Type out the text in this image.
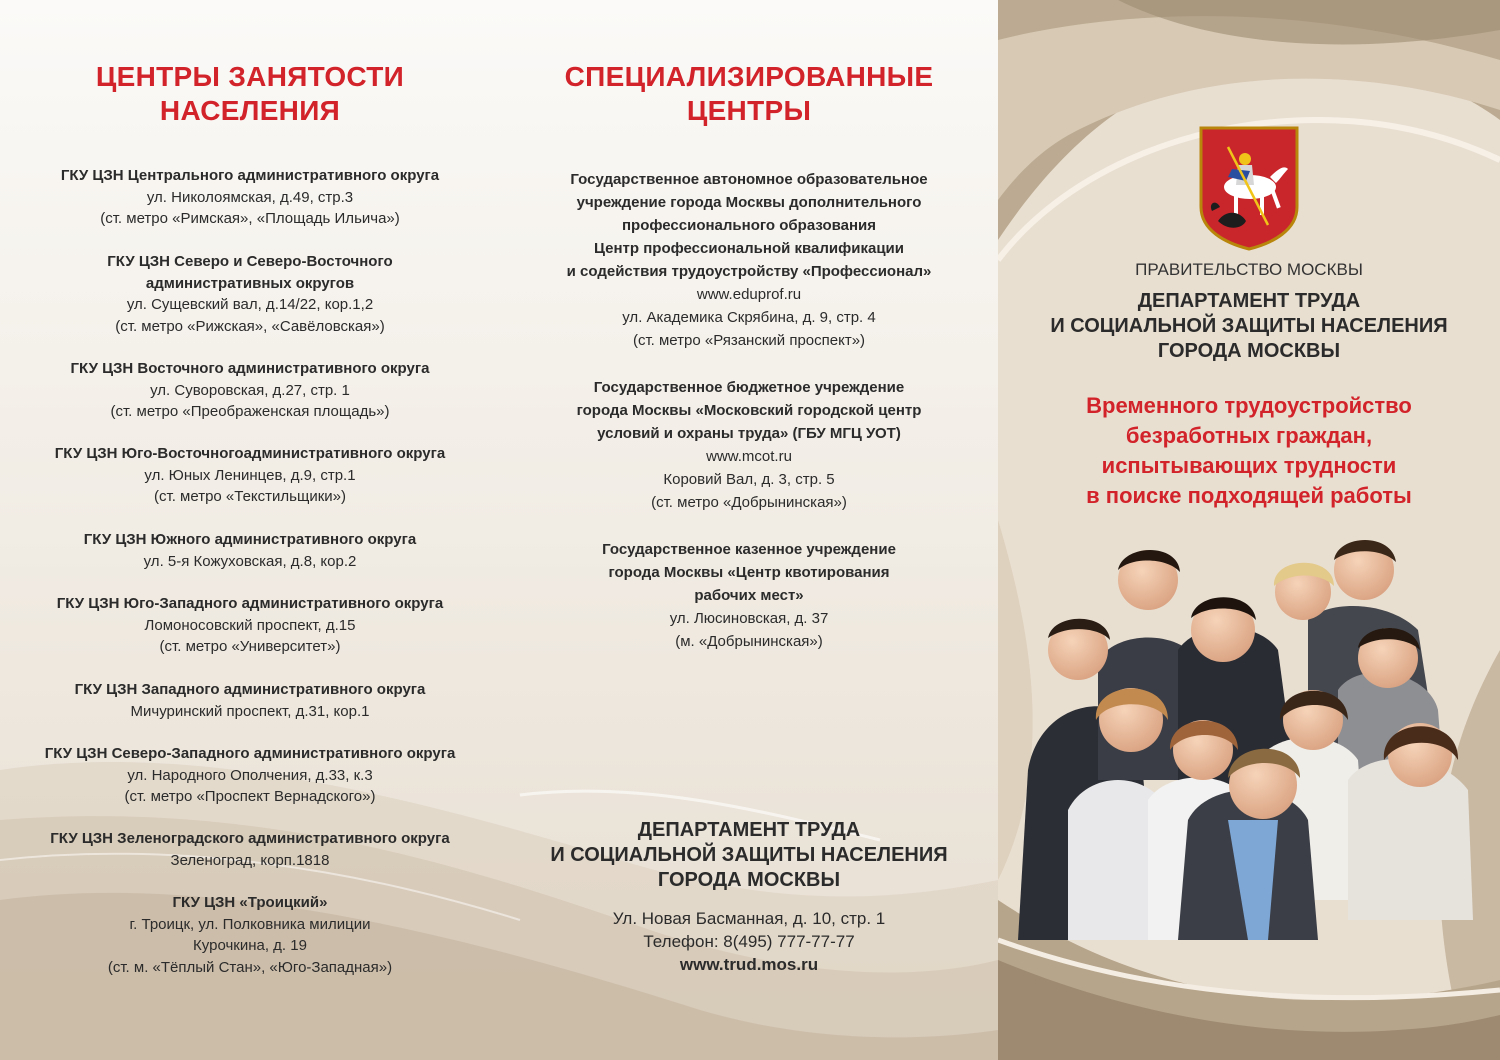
ЦЕНТРЫ ЗАНЯТОСТИ
НАСЕЛЕНИЯ
ГКУ ЦЗН Центрального административного округа
ул. Николоямская, д.49, стр.3
(ст. метро «Римская», «Площадь Ильича»)
ГКУ ЦЗН Северо и Северо-Восточного
административных округов
ул. Сущевский вал, д.14/22, кор.1,2
(ст. метро «Рижская», «Савёловская»)
ГКУ ЦЗН Восточного административного округа
ул. Суворовская, д.27, стр. 1
(ст. метро «Преображенская площадь»)
ГКУ ЦЗН Юго-Восточногоадминистративного округа
ул. Юных Ленинцев, д.9, стр.1
(ст. метро «Текстильщики»)
ГКУ ЦЗН Южного административного округа
ул. 5-я Кожуховская, д.8, кор.2
ГКУ ЦЗН Юго-Западного административного округа
Ломоносовский проспект, д.15
(ст. метро «Университет»)
ГКУ ЦЗН Западного административного округа
Мичуринский проспект, д.31, кор.1
ГКУ ЦЗН Северо-Западного административного округа
ул. Народного Ополчения, д.33, к.3
(ст. метро «Проспект Вернадского»)
ГКУ ЦЗН Зеленоградского административного округа
Зеленоград, корп.1818
ГКУ ЦЗН «Троицкий»
г. Троицк, ул. Полковника милиции
Курочкина, д. 19
(ст. м. «Тёплый Стан», «Юго-Западная»)
СПЕЦИАЛИЗИРОВАННЫЕ
ЦЕНТРЫ
Государственное автономное образовательное
учреждение города Москвы дополнительного
профессионального образования
Центр профессиональной квалификации
и содействия трудоустройству «Профессионал»
www.eduprof.ru
ул. Академика Скрябина, д. 9, стр. 4
(ст. метро «Рязанский проспект»)
Государственное бюджетное учреждение
города Москвы «Московский городской центр
условий и охраны труда» (ГБУ МГЦ УОТ)
www.mcot.ru
Коровий Вал, д. 3, стр. 5
(ст. метро «Добрынинская»)
Государственное казенное учреждение
города Москвы «Центр квотирования
рабочих мест»
ул. Люсиновская, д. 37
(м. «Добрынинская»)
ДЕПАРТАМЕНТ ТРУДА
И СОЦИАЛЬНОЙ ЗАЩИТЫ НАСЕЛЕНИЯ
ГОРОДА МОСКВЫ
Ул. Новая Басманная, д. 10, стр. 1
Телефон: 8(495) 777-77-77
www.trud.mos.ru
ПРАВИТЕЛЬСТВО МОСКВЫ
ДЕПАРТАМЕНТ ТРУДА
И СОЦИАЛЬНОЙ ЗАЩИТЫ НАСЕЛЕНИЯ
ГОРОДА МОСКВЫ
Временного трудоустройство
безработных граждан,
испытывающих трудности
в поиске подходящей работы
